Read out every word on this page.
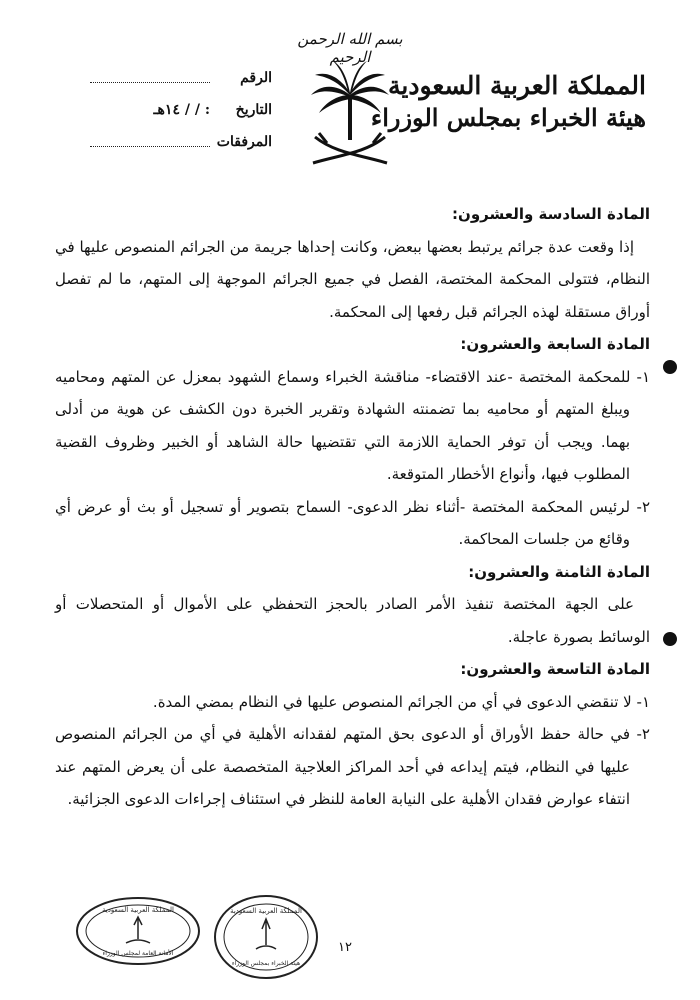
بسم الله الرحمن الرحيم
المملكة العربية السعودية
هيئة الخبراء بمجلس الوزراء
الرقم
التاريخ
: / / ١٤هـ
المرفقات

المادة السادسة والعشرون:

إذا وقعت عدة جرائم يرتبط بعضها ببعض، وكانت إحداها جريمة من الجرائم المنصوص عليها في النظام، فتتولى المحكمة المختصة، الفصل في جميع الجرائم الموجهة إلى المتهم، ما لم تفصل أوراق مستقلة لهذه الجرائم قبل رفعها إلى المحكمة.

المادة السابعة والعشرون:

١- للمحكمة المختصة -عند الاقتضاء- مناقشة الخبراء وسماع الشهود بمعزل عن المتهم ومحاميه ويبلغ المتهم أو محاميه بما تضمنته الشهادة وتقرير الخبرة دون الكشف عن هوية من أدلى بهما. ويجب أن توفر الحماية اللازمة التي تقتضيها حالة الشاهد أو الخبير وظروف القضية المطلوب فيها، وأنواع الأخطار المتوقعة.

٢- لرئيس المحكمة المختصة -أثناء نظر الدعوى- السماح بتصوير أو تسجيل أو بث أو عرض أي وقائع من جلسات المحاكمة.

المادة الثامنة والعشرون:

على الجهة المختصة تنفيذ الأمر الصادر بالحجز التحفظي على الأموال أو المتحصلات أو الوسائط بصورة عاجلة.

المادة التاسعة والعشرون:

١- لا تنقضي الدعوى في أي من الجرائم المنصوص عليها في النظام بمضي المدة.

٢- في حالة حفظ الأوراق أو الدعوى بحق المتهم لفقدانه الأهلية في أي من الجرائم المنصوص عليها في النظام، فيتم إيداعه في أحد المراكز العلاجية المتخصصة على أن يعرض المتهم عند انتفاء عوارض فقدان الأهلية على النيابة العامة للنظر في استئناف إجراءات الدعوى الجزائية.

١٢
المملكة العربية السعودية
الأمانة العامة لمجلس الوزراء
المملكة العربية السعودية
هيئة الخبراء بمجلس الوزراء
